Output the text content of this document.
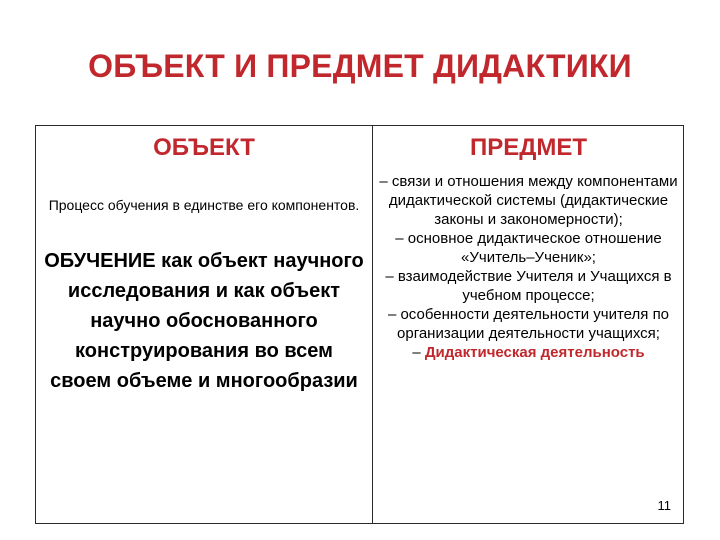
ОБЪЕКТ И ПРЕДМЕТ ДИДАКТИКИ
ОБЪЕКТ
Процесс обучения в единстве его компонентов.
ОБУЧЕНИЕ как объект научного исследования и как объект научно обоснованного конструирования во всем своем объеме и многообразии
ПРЕДМЕТ

– связи и отношения между компонентами дидактической системы (дидактические законы и закономерности);

– основное дидактическое отношение «Учитель–Ученик»;

– взаимодействие Учителя и Учащихся в учебном процессе;

– особенности деятельности учителя по организации деятельности учащихся;

– Дидактическая деятельность

11
